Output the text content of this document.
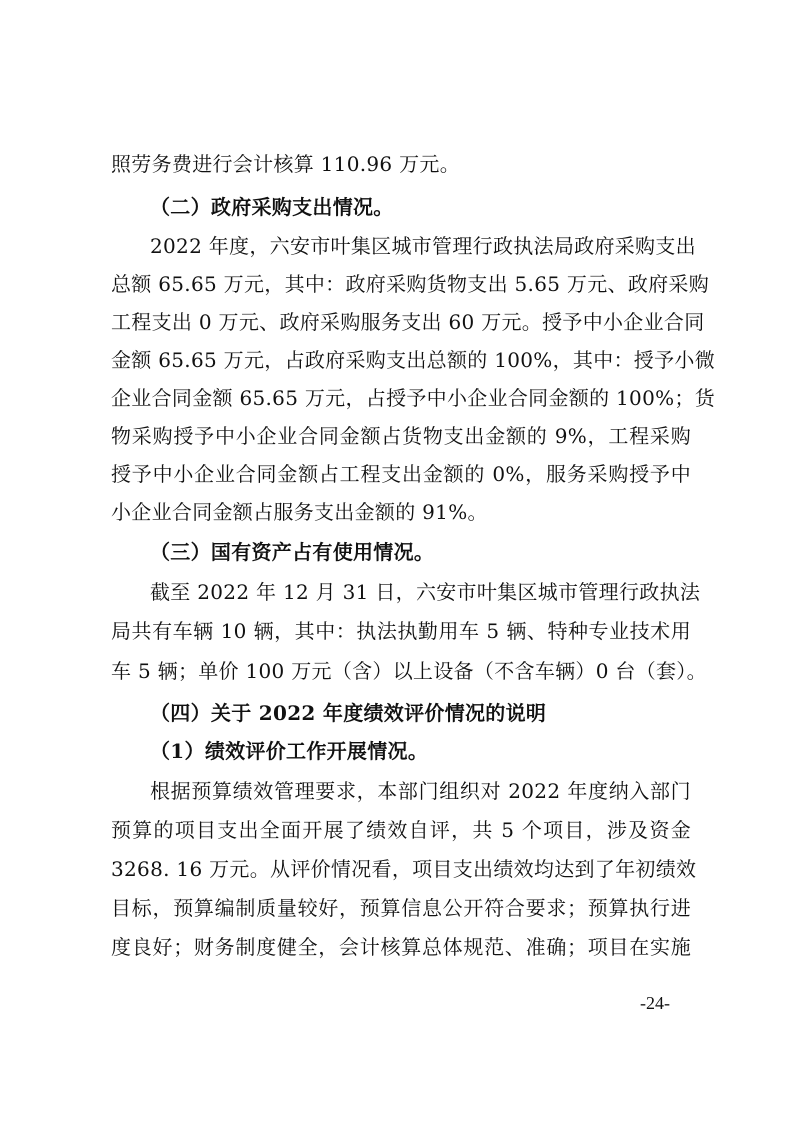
照劳务费进行会计核算 110.96 万元。
（二）政府采购支出情况。
2022 年度，六安市叶集区城市管理行政执法局政府采购支出
总额 65.65 万元，其中：政府采购货物支出 5.65 万元、政府采购
工程支出 0 万元、政府采购服务支出 60 万元。授予中小企业合同
金额 65.65 万元，占政府采购支出总额的 100%，其中：授予小微
企业合同金额 65.65 万元，占授予中小企业合同金额的 100%；货
物采购授予中小企业合同金额占货物支出金额的 9%，工程采购
授予中小企业合同金额占工程支出金额的 0%，服务采购授予中
小企业合同金额占服务支出金额的 91%。
（三）国有资产占有使用情况。
截至 2022 年 12 月 31 日，六安市叶集区城市管理行政执法
局共有车辆 10 辆，其中：执法执勤用车 5 辆、特种专业技术用
车 5 辆；单价 100 万元（含）以上设备（不含车辆）0 台（套）。
（四）关于 2022 年度绩效评价情况的说明
（1）绩效评价工作开展情况。
根据预算绩效管理要求，本部门组织对 2022 年度纳入部门
预算的项目支出全面开展了绩效自评，共 5 个项目，涉及资金
3268. 16 万元。从评价情况看，项目支出绩效均达到了年初绩效
目标，预算编制质量较好，预算信息公开符合要求；预算执行进
度良好；财务制度健全，会计核算总体规范、准确；项目在实施
-24-
